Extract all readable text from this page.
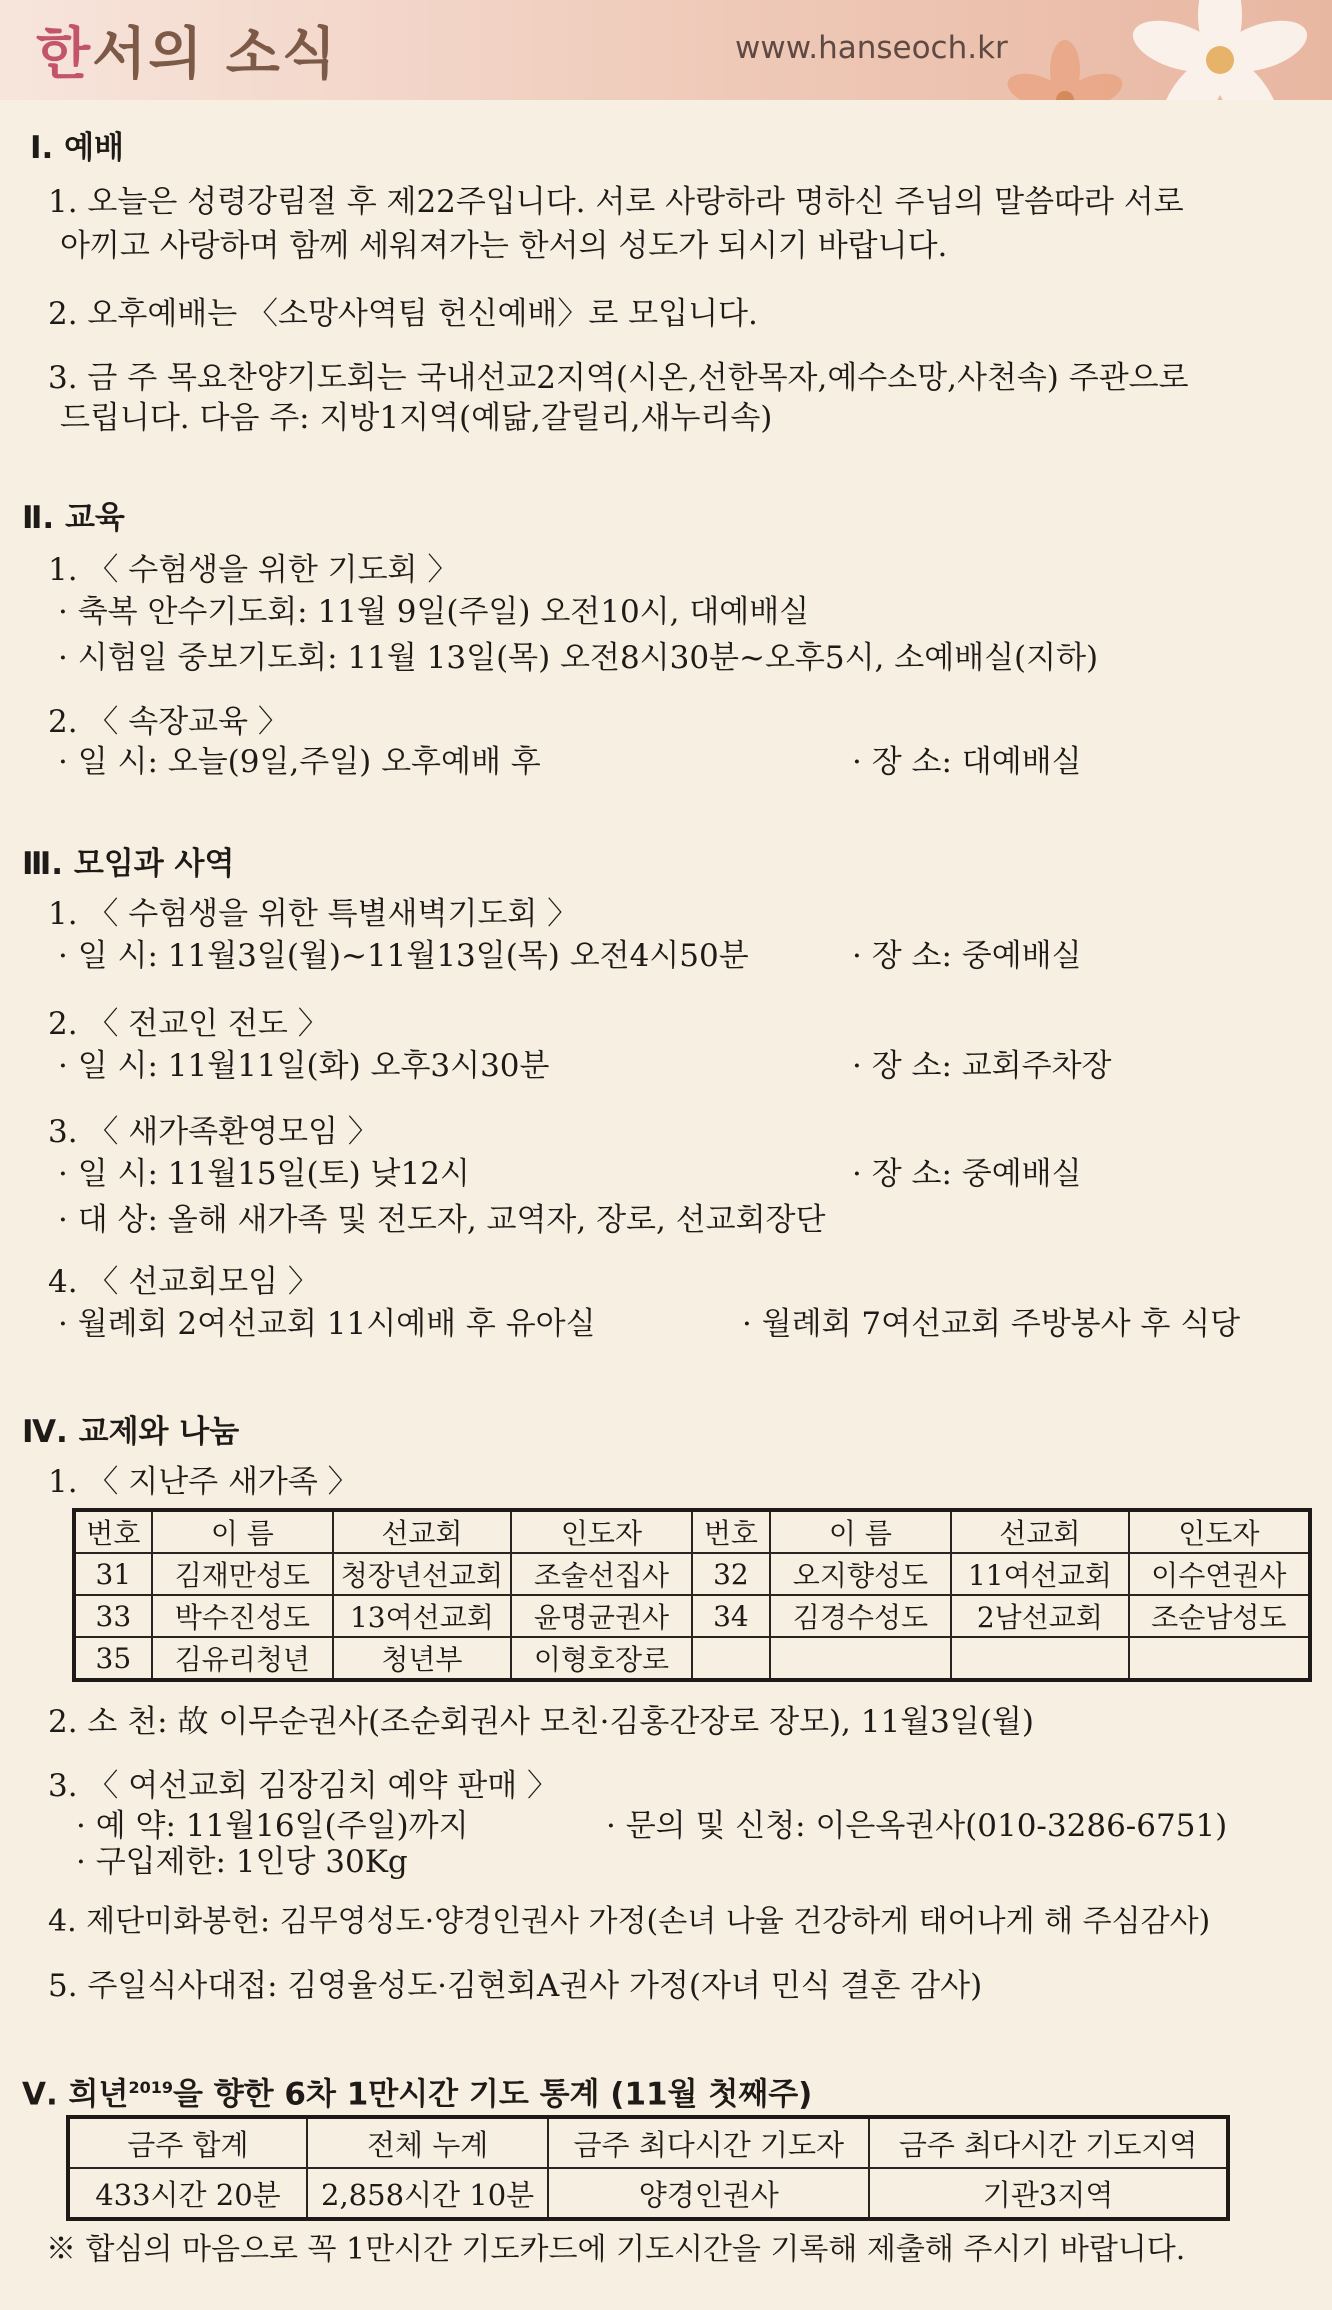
한서의 소식	www.hanseoch.kr
Ⅰ. 예배
1. 오늘은 성령강림절 후 제22주입니다. 서로 사랑하라 명하신 주님의 말씀따라 서로
아끼고 사랑하며 함께 세워져가는 한서의 성도가 되시기 바랍니다.
2. 오후예배는 〈소망사역팀 헌신예배〉로 모입니다.
3. 금 주 목요찬양기도회는 국내선교2지역(시온,선한목자,예수소망,사천속) 주관으로
드립니다. 다음 주: 지방1지역(예닮,갈릴리,새누리속)
Ⅱ. 교육
1. 〈 수험생을 위한 기도회 〉
· 축복 안수기도회: 11월 9일(주일) 오전10시, 대예배실
· 시험일 중보기도회: 11월 13일(목) 오전8시30분~오후5시, 소예배실(지하)
2. 〈 속장교육 〉
· 일 시: 오늘(9일,주일) 오후예배 후	· 장 소: 대예배실
Ⅲ. 모임과 사역
1. 〈 수험생을 위한 특별새벽기도회 〉
· 일 시: 11월3일(월)~11월13일(목) 오전4시50분	· 장 소: 중예배실
2. 〈 전교인 전도 〉
· 일 시: 11월11일(화) 오후3시30분	· 장 소: 교회주차장
3. 〈 새가족환영모임 〉
· 일 시: 11월15일(토) 낮12시	· 장 소: 중예배실
· 대 상: 올해 새가족 및 전도자, 교역자, 장로, 선교회장단
4. 〈 선교회모임 〉
· 월례회 2여선교회 11시예배 후 유아실	· 월례회 7여선교회 주방봉사 후 식당
Ⅳ. 교제와 나눔
1. 〈 지난주 새가족 〉
번호	이 름	선교회	인도자	번호	이 름	선교회	인도자
31	김재만성도	청장년선교회	조술선집사	32	오지향성도	11여선교회	이수연권사
33	박수진성도	13여선교회	윤명균권사	34	김경수성도	2남선교회	조순남성도
35	김유리청년	청년부	이형호장로				
2. 소 천: 故 이무순권사(조순회권사 모친·김홍간장로 장모), 11월3일(월)
3. 〈 여선교회 김장김치 예약 판매 〉
· 예 약: 11월16일(주일)까지	· 문의 및 신청: 이은옥권사(010-3286-6751)
· 구입제한: 1인당 30Kg
4. 제단미화봉헌: 김무영성도·양경인권사 가정(손녀 나율 건강하게 태어나게 해 주심감사)
5. 주일식사대접: 김영율성도·김현회A권사 가정(자녀 민식 결혼 감사)
Ⅴ. 희년$^{2019}$을 향한 6차 1만시간 기도 통계 (11월 첫째주)
금주 합계	전체 누계	금주 최다시간 기도자	금주 최다시간 기도지역
433시간 20분	2,858시간 10분	양경인권사	기관3지역
※ 합심의 마음으로 꼭 1만시간 기도카드에 기도시간을 기록해 제출해 주시기 바랍니다.
